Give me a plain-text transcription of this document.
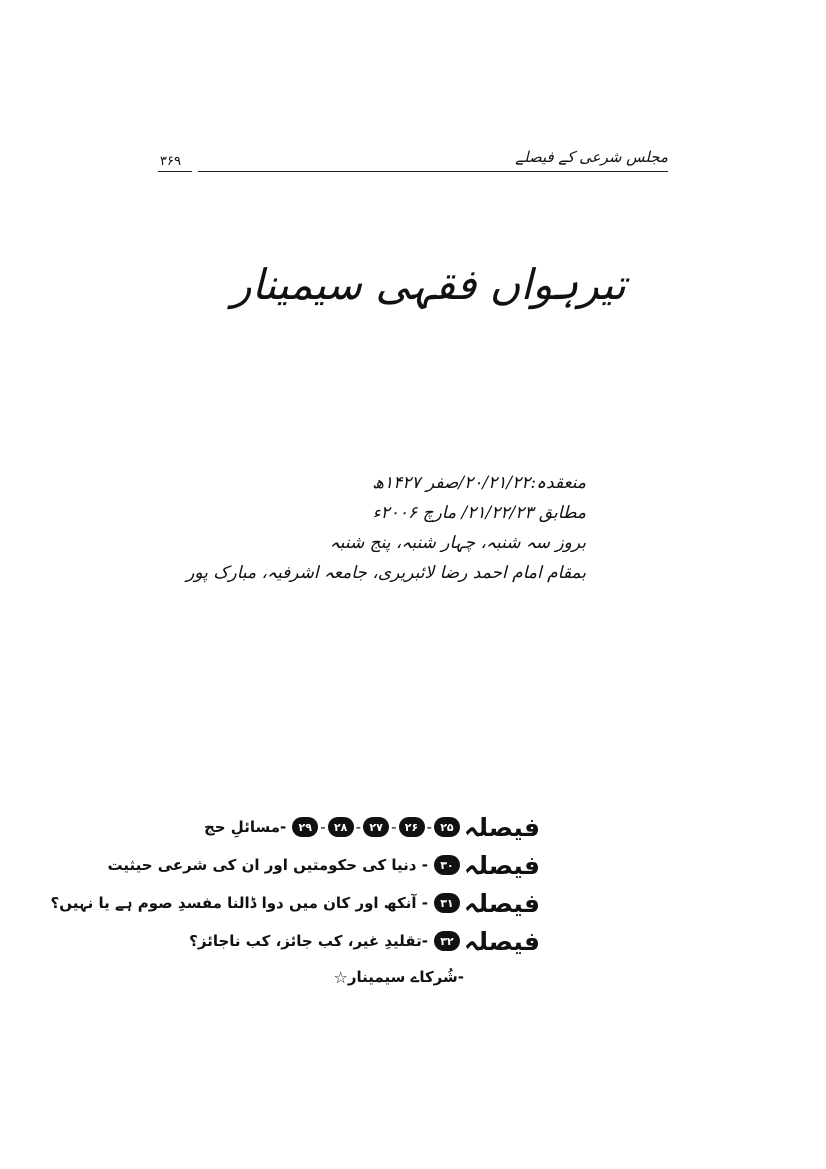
مجلس شرعی کے فیصلے
۳۶۹
تیرہواں فقہی سیمینار
منعقدہ:۲۰/۲۱/۲۲/صفر ۱۴۲۷ھ
مطابق ۲۱/۲۲/۲۳/ مارچ ۲۰۰۶ء
بروز سہ شنبہ، چہار شنبہ، پنج شنبہ
بمقام امام احمد رضا لائبریری، جامعہ اشرفیہ، مبارک پور
فیصلہ
۲۵
-
۲۶
-
۲۷
-
۲۸
-
۲۹
-مسائلِ حج
فیصلہ
۳۰
- دنیا کی حکومتیں اور ان کی شرعی حیثیت
فیصلہ
۳۱
- آنکھ اور کان میں دوا ڈالنا مفسدِ صوم ہے یا نہیں؟
فیصلہ
۳۲
-تقلیدِ غیر، کب جائز، کب ناجائز؟
-شُرکاے سیمینار
☆
